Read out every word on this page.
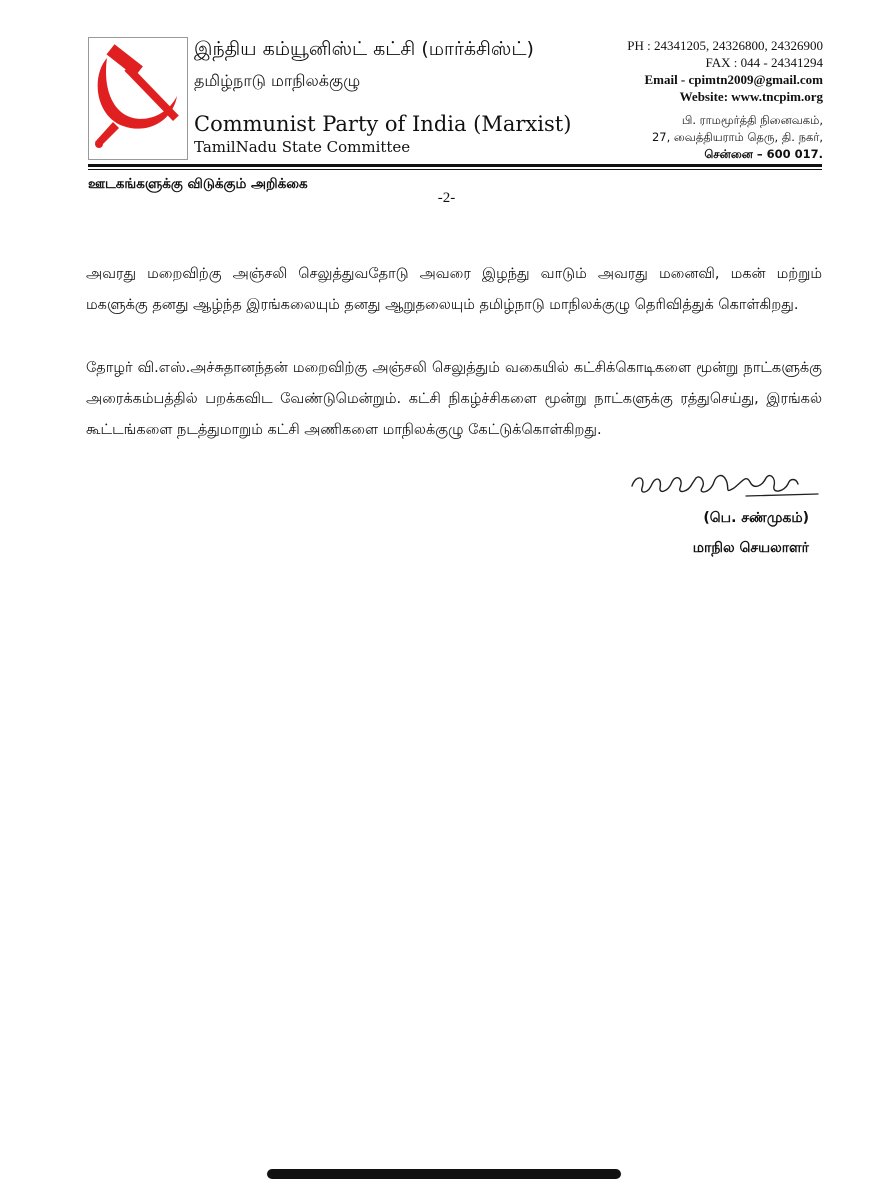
இந்திய கம்யூனிஸ்ட் கட்சி (மார்க்சிஸ்ட்)
தமிழ்நாடு மாநிலக்குழு
Communist Party of India (Marxist)
TamilNadu State Committee
PH : 24341205, 24326800, 24326900
FAX : 044 - 24341294
Email - cpimtn2009@gmail.com
Website: www.tncpim.org
பி. ராமமூர்த்தி நினைவகம்,
27, வைத்தியராம் தெரு, தி. நகர்,
சென்னை – 600 017.
ஊடகங்களுக்கு விடுக்கும் அறிக்கை
-2-
அவரது மறைவிற்கு அஞ்சலி செலுத்துவதோடு அவரை இழந்து வாடும் அவரது மனைவி, மகன் மற்றும் மகளுக்கு தனது ஆழ்ந்த இரங்கலையும் தனது ஆறுதலையும் தமிழ்நாடு மாநிலக்குழு தெரிவித்துக் கொள்கிறது.
தோழர் வி.எஸ்.அச்சுதானந்தன் மறைவிற்கு அஞ்சலி செலுத்தும் வகையில் கட்சிக்கொடிகளை மூன்று நாட்களுக்கு அரைக்கம்பத்தில் பறக்கவிட வேண்டுமென்றும். கட்சி நிகழ்ச்சிகளை மூன்று நாட்களுக்கு ரத்துசெய்து, இரங்கல் கூட்டங்களை நடத்துமாறும் கட்சி அணிகளை மாநிலக்குழு கேட்டுக்கொள்கிறது.
(பெ. சண்முகம்)
மாநில செயலாளர்
